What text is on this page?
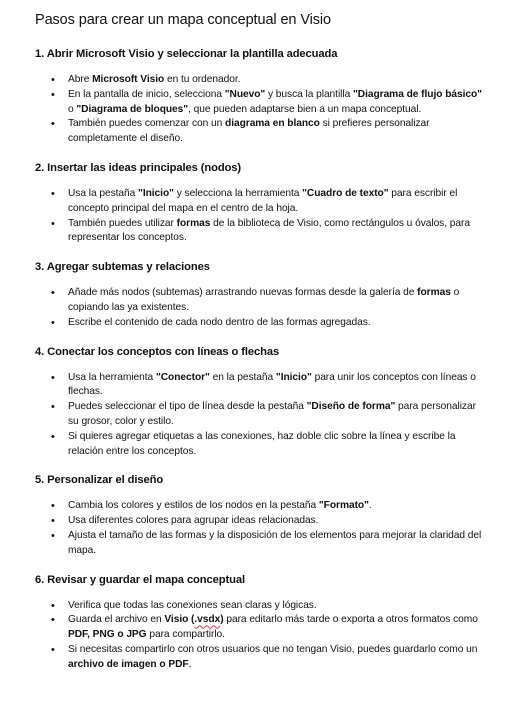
Pasos para crear un mapa conceptual en Visio
1. Abrir Microsoft Visio y seleccionar la plantilla adecuada
• Abre Microsoft Visio en tu ordenador.
• En la pantalla de inicio, selecciona "Nuevo" y busca la plantilla "Diagrama de flujo básico" o "Diagrama de bloques", que pueden adaptarse bien a un mapa conceptual.
• También puedes comenzar con un diagrama en blanco si prefieres personalizar completamente el diseño.
2. Insertar las ideas principales (nodos)
• Usa la pestaña "Inicio" y selecciona la herramienta "Cuadro de texto" para escribir el concepto principal del mapa en el centro de la hoja.
• También puedes utilizar formas de la biblioteca de Visio, como rectángulos u óvalos, para representar los conceptos.
3. Agregar subtemas y relaciones
• Añade más nodos (subtemas) arrastrando nuevas formas desde la galería de formas o copiando las ya existentes.
• Escribe el contenido de cada nodo dentro de las formas agregadas.
4. Conectar los conceptos con líneas o flechas
• Usa la herramienta "Conector" en la pestaña "Inicio" para unir los conceptos con líneas o flechas.
• Puedes seleccionar el tipo de línea desde la pestaña "Diseño de forma" para personalizar su grosor, color y estilo.
• Si quieres agregar etiquetas a las conexiones, haz doble clic sobre la línea y escribe la relación entre los conceptos.
5. Personalizar el diseño
• Cambia los colores y estilos de los nodos en la pestaña "Formato".
• Usa diferentes colores para agrupar ideas relacionadas.
• Ajusta el tamaño de las formas y la disposición de los elementos para mejorar la claridad del mapa.
6. Revisar y guardar el mapa conceptual
• Verifica que todas las conexiones sean claras y lógicas.
• Guarda el archivo en Visio (.vsdx) para editarlo más tarde o exporta a otros formatos como PDF, PNG o JPG para compartirlo.
• Si necesitas compartirlo con otros usuarios que no tengan Visio, puedes guardarlo como un archivo de imagen o PDF.
